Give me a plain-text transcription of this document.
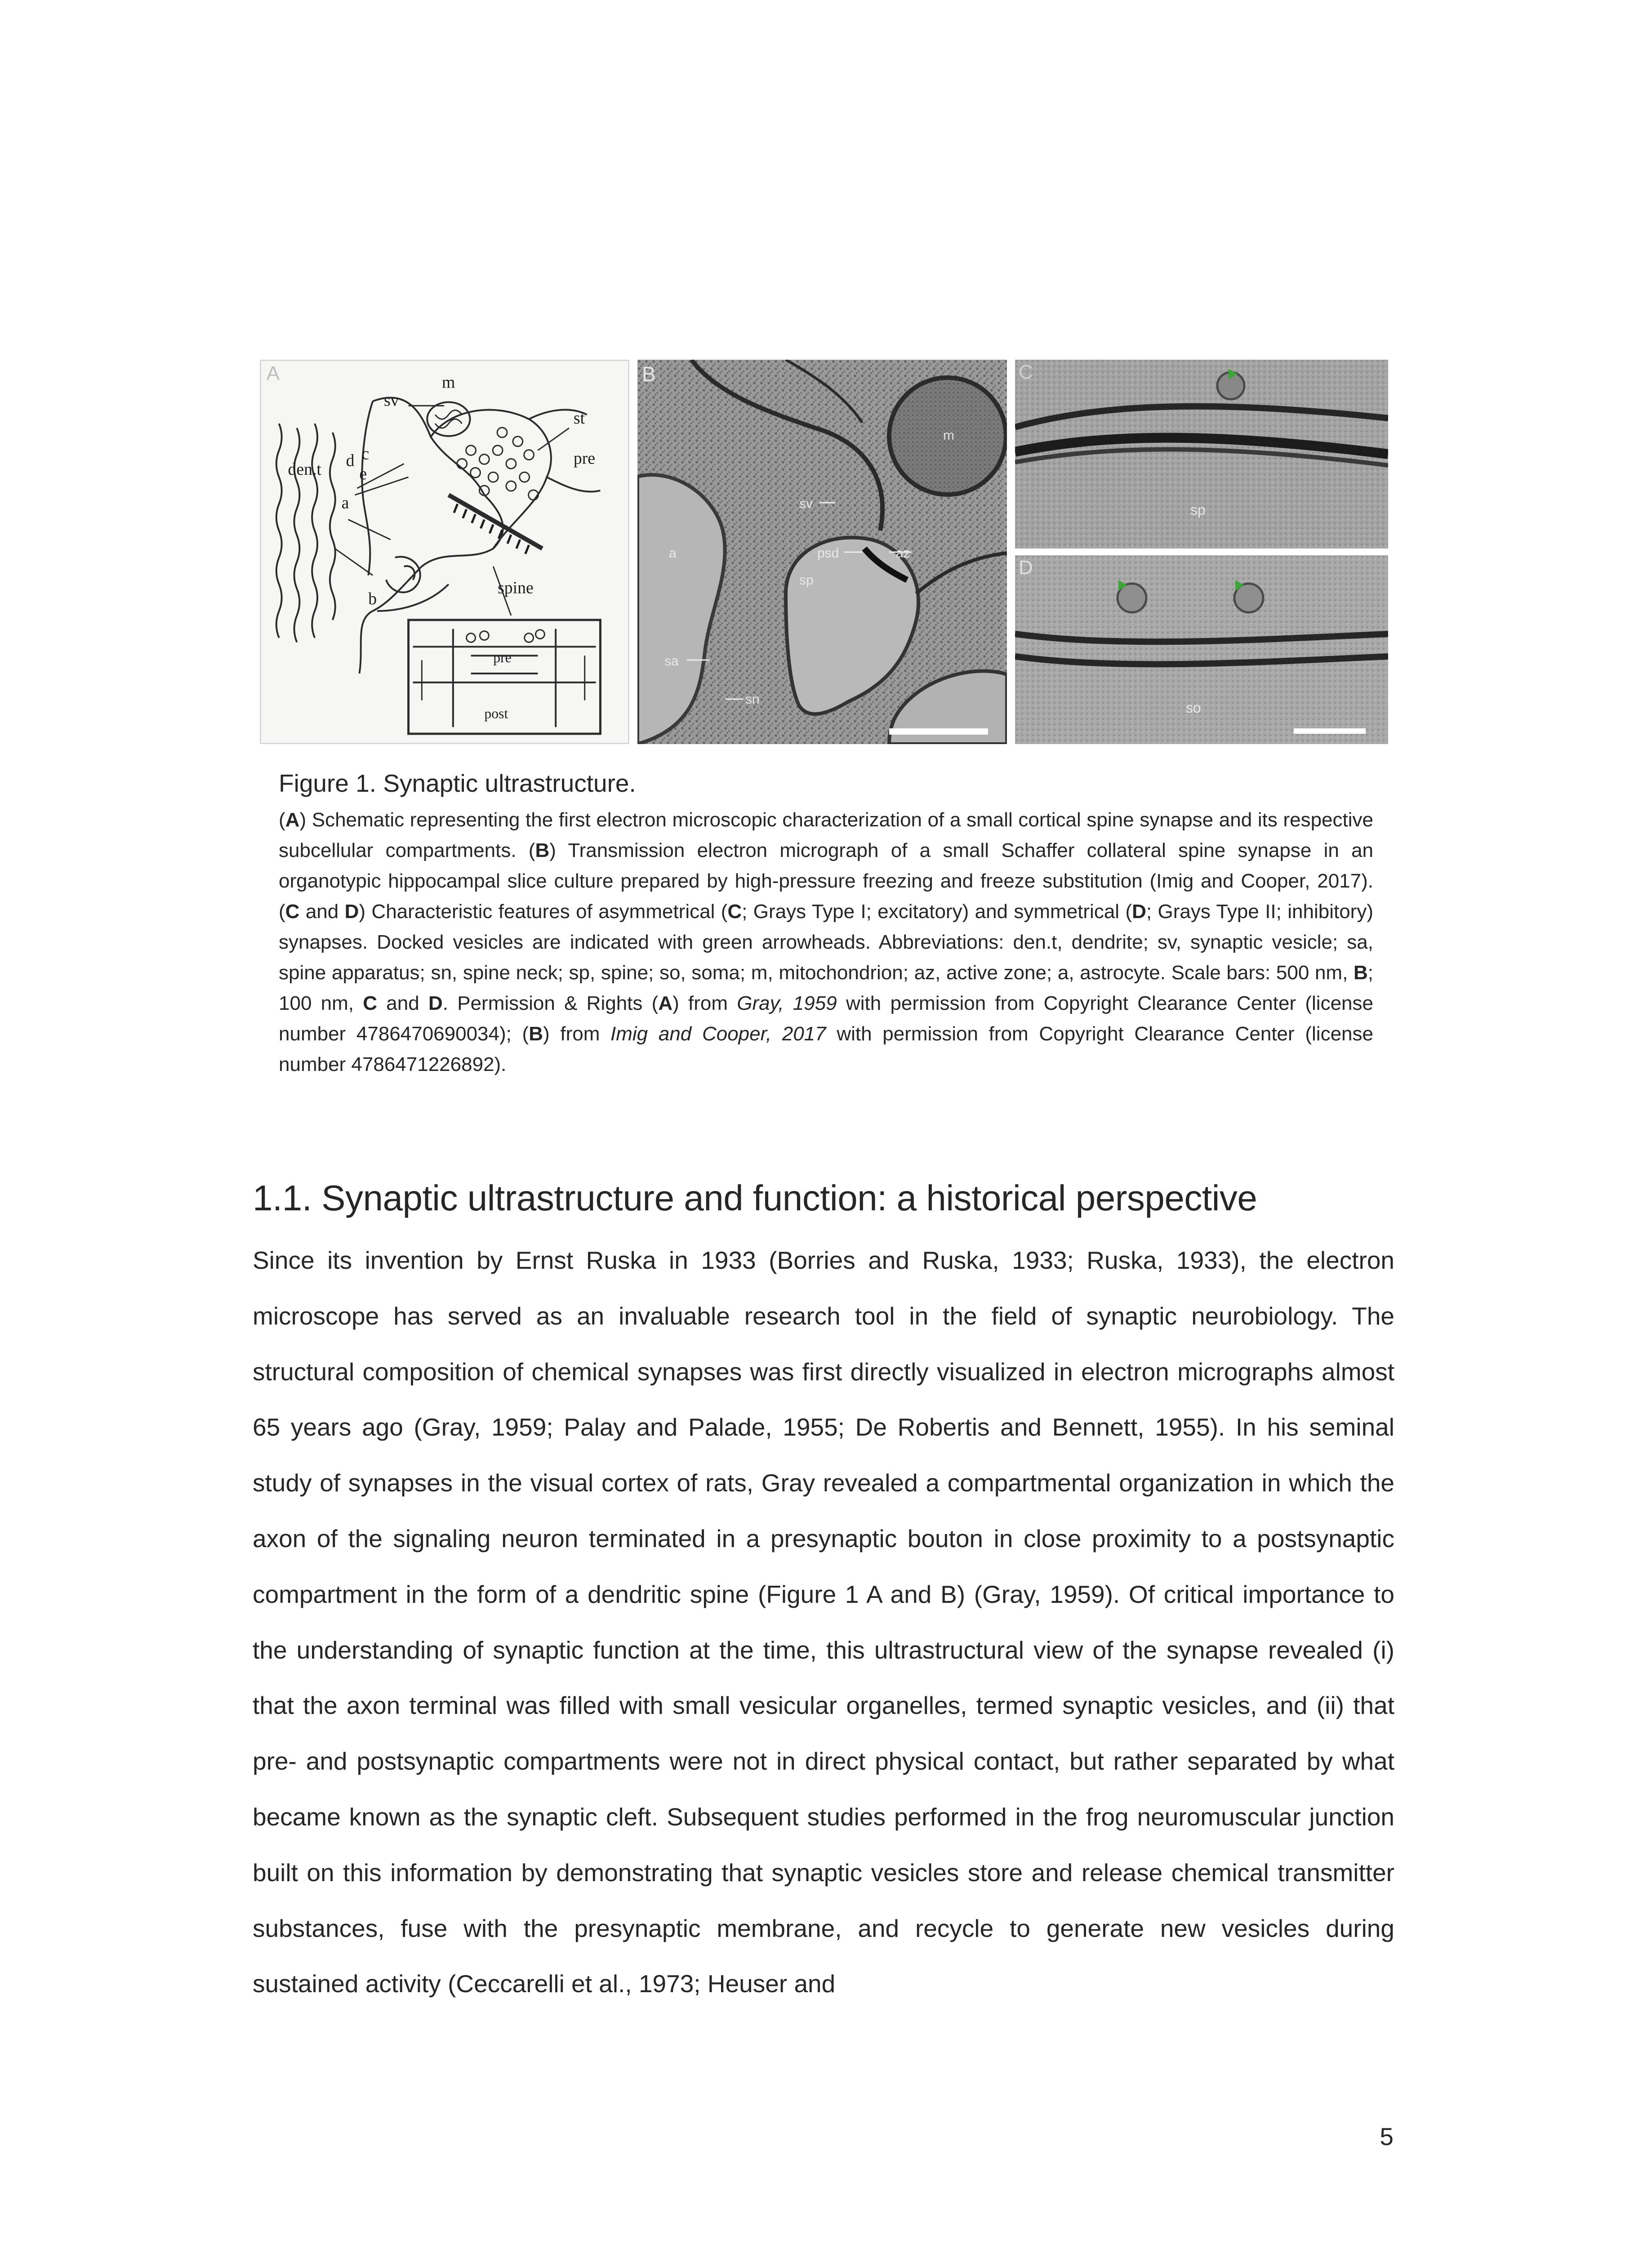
A	m
sv
st
pre
den.t d c
e
a
b
spine
pre
post
B
m
sv
psd	az
a
sp
sa
sn
C
sp
D
so

Figure 1. Synaptic ultrastructure.

(A) Schematic representing the first electron microscopic characterization of a small cortical spine synapse and its respective subcellular compartments. (B) Transmission electron micrograph of a small Schaffer collateral spine synapse in an organotypic hippocampal slice culture prepared by high-pressure freezing and freeze substitution (Imig and Cooper, 2017). (C and D) Characteristic features of asymmetrical (C; Grays Type I; excitatory) and symmetrical (D; Grays Type II; inhibitory) synapses. Docked vesicles are indicated with green arrowheads. Abbreviations: den.t, dendrite; sv, synaptic vesicle; sa, spine apparatus; sn, spine neck; sp, spine; so, soma; m, mitochondrion; az, active zone; a, astrocyte. Scale bars: 500 nm, B; 100 nm, C and D. Permission & Rights (A) from Gray, 1959 with permission from Copyright Clearance Center (license number 4786470690034); (B) from Imig and Cooper, 2017 with permission from Copyright Clearance Center (license number 4786471226892).

1.1. Synaptic ultrastructure and function: a historical perspective

Since its invention by Ernst Ruska in 1933 (Borries and Ruska, 1933; Ruska, 1933), the electron microscope has served as an invaluable research tool in the field of synaptic neurobiology. The structural composition of chemical synapses was first directly visualized in electron micrographs almost 65 years ago (Gray, 1959; Palay and Palade, 1955; De Robertis and Bennett, 1955). In his seminal study of synapses in the visual cortex of rats, Gray revealed a compartmental organization in which the axon of the signaling neuron terminated in a presynaptic bouton in close proximity to a postsynaptic compartment in the form of a dendritic spine (Figure 1 A and B) (Gray, 1959). Of critical importance to the understanding of synaptic function at the time, this ultrastructural view of the synapse revealed (i) that the axon terminal was filled with small vesicular organelles, termed synaptic vesicles, and (ii) that pre- and postsynaptic compartments were not in direct physical contact, but rather separated by what became known as the synaptic cleft. Subsequent studies performed in the frog neuromuscular junction built on this information by demonstrating that synaptic vesicles store and release chemical transmitter substances, fuse with the presynaptic membrane, and recycle to generate new vesicles during sustained activity (Ceccarelli et al., 1973; Heuser and

5
